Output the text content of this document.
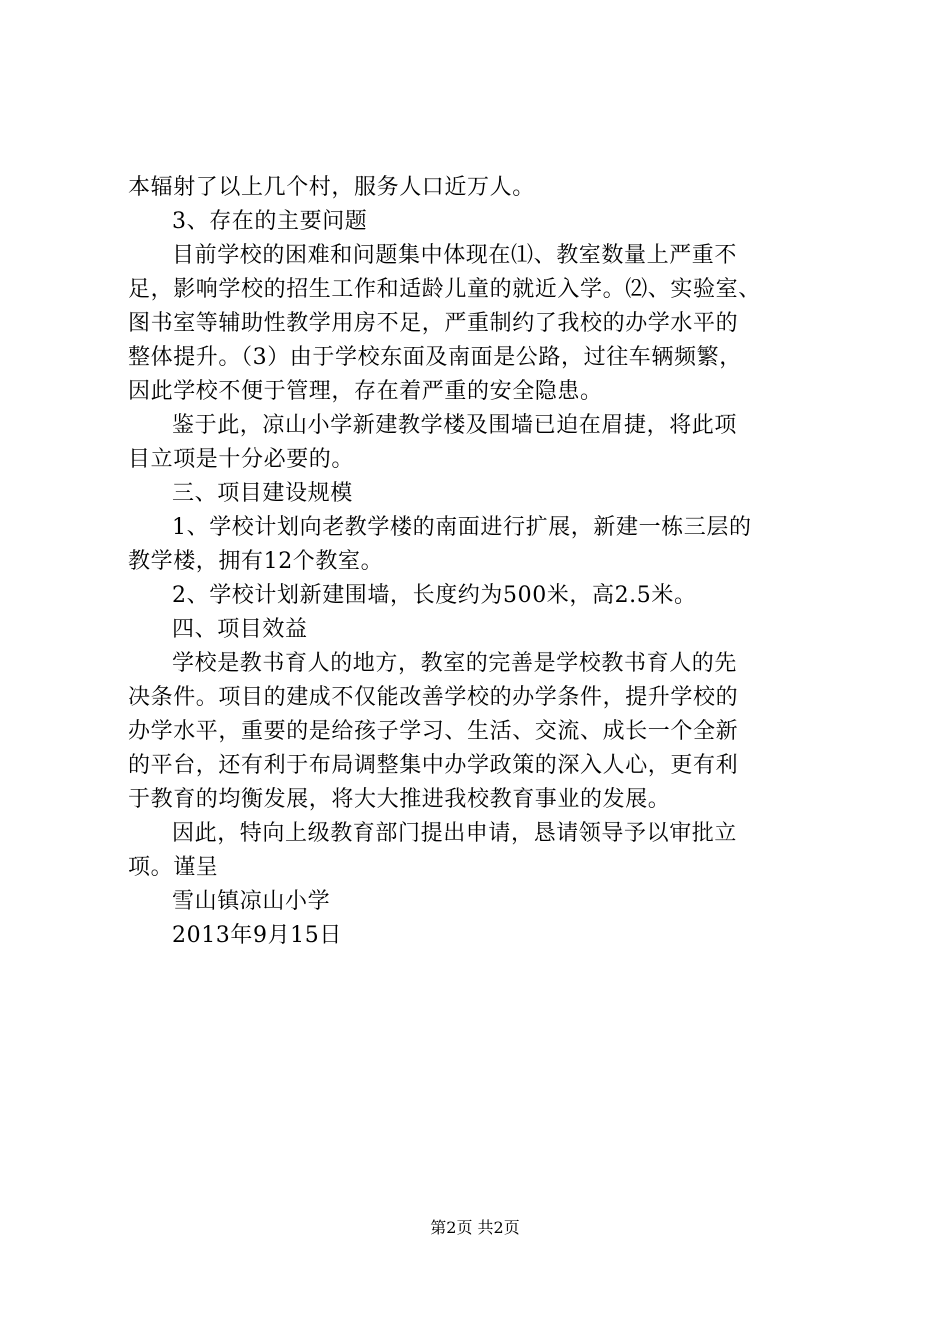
本辐射了以上几个村，服务人口近万人。
3、存在的主要问题
目前学校的困难和问题集中体现在⑴、教室数量上严重不
足，影响学校的招生工作和适龄儿童的就近入学。⑵、实验室、
图书室等辅助性教学用房不足，严重制约了我校的办学水平的
整体提升。（3）由于学校东面及南面是公路，过往车辆频繁，
因此学校不便于管理，存在着严重的安全隐患。
鉴于此，凉山小学新建教学楼及围墙已迫在眉捷，将此项
目立项是十分必要的。
三、项目建设规模
1、学校计划向老教学楼的南面进行扩展，新建一栋三层的
教学楼，拥有12个教室。
2、学校计划新建围墙，长度约为500米，高2.5米。
四、项目效益
学校是教书育人的地方，教室的完善是学校教书育人的先
决条件。项目的建成不仅能改善学校的办学条件，提升学校的
办学水平，重要的是给孩子学习、生活、交流、成长一个全新
的平台，还有利于布局调整集中办学政策的深入人心，更有利
于教育的均衡发展，将大大推进我校教育事业的发展。
因此，特向上级教育部门提出申请，恳请领导予以审批立
项。谨呈
雪山镇凉山小学
2013年9月15日
第2页 共2页
